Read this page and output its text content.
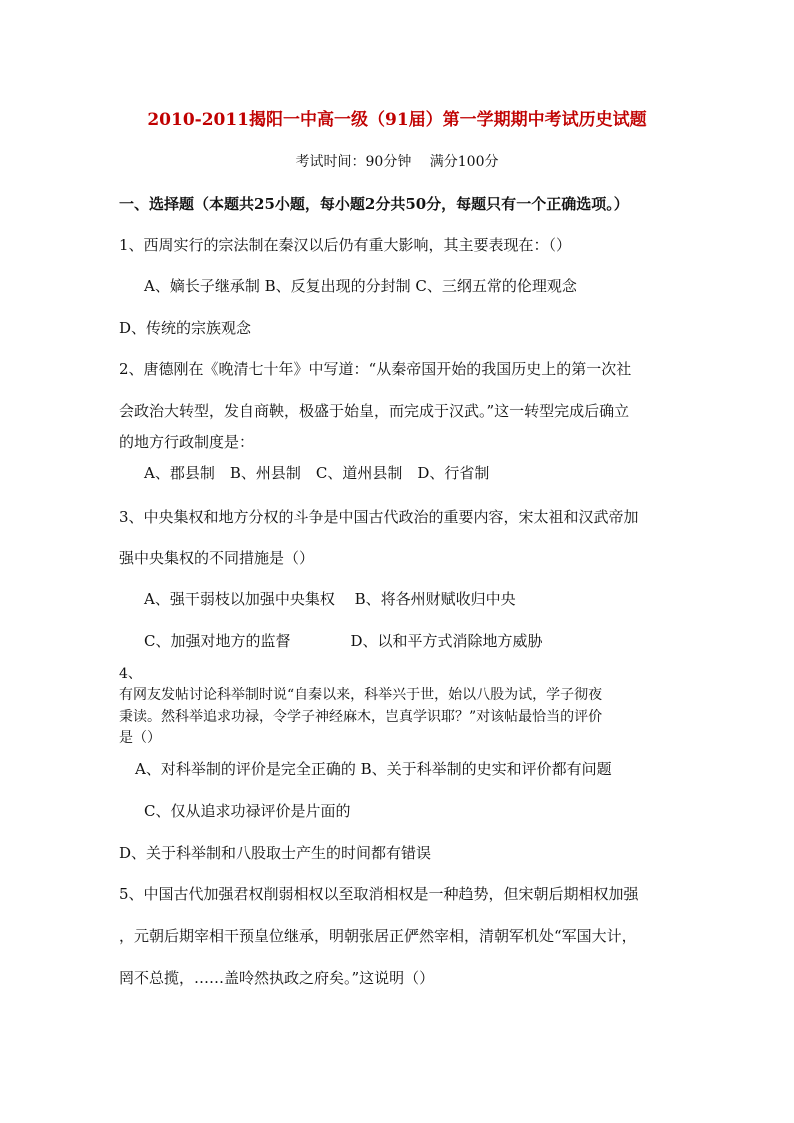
2010-2011揭阳一中高一级（91届）第一学期期中考试历史试题
考试时间：90分钟　 满分100分
一、选择题（本题共25小题，每小题2分共50分，每题只有一个正确选项。）
1、西周实行的宗法制在秦汉以后仍有重大影响，其主要表现在：（）
A、嫡长子继承制 B、反复出现的分封制 C、三纲五常的伦理观念
D、传统的宗族观念
2、唐德刚在《晚清七十年》中写道：“从秦帝国开始的我国历史上的第一次社
会政治大转型，发自商鞅，极盛于始皇，而完成于汉武。”这一转型完成后确立
的地方行政制度是：
A、郡县制　B、州县制　C、道州县制　D、行省制
3、中央集权和地方分权的斗争是中国古代政治的重要内容，宋太祖和汉武帝加
强中央集权的不同措施是（）
A、强干弱枝以加强中央集权　 B、将各州财赋收归中央
C、加强对地方的监督　　　　D、以和平方式消除地方威胁
4、
有网友发帖讨论科举制时说“自秦以来，科举兴于世，始以八股为试，学子彻夜
秉读。然科举追求功禄，令学子神经麻木，岂真学识耶？”对该帖最恰当的评价
是（）
A、对科举制的评价是完全正确的 B、关于科举制的史实和评价都有问题
C、仅从追求功禄评价是片面的
D、关于科举制和八股取士产生的时间都有错误
5、中国古代加强君权削弱相权以至取消相权是一种趋势，但宋朝后期相权加强
，元朝后期宰相干预皇位继承，明朝张居正俨然宰相，清朝军机处“军国大计，
罔不总揽，……盖呤然执政之府矣。”这说明（）
